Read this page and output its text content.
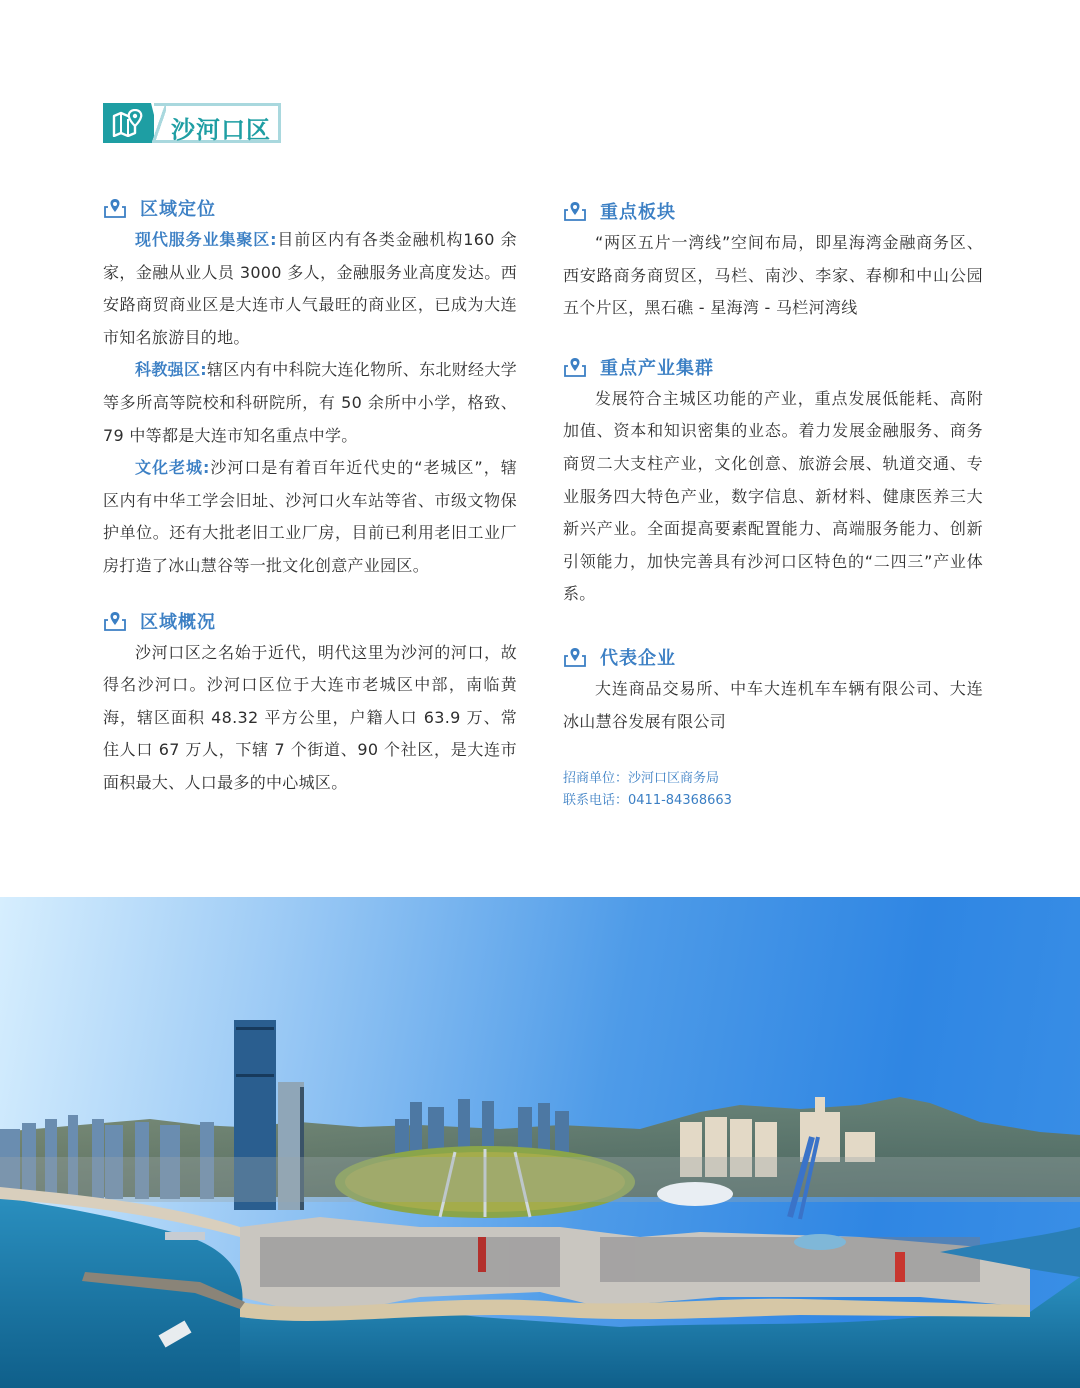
沙河口区
区域定位

现代服务业集聚区:目前区内有各类金融机构160 余家，金融从业人员 3000 多人，金融服务业高度发达。西安路商贸商业区是大连市人气最旺的商业区，已成为大连市知名旅游目的地。

科教强区:辖区内有中科院大连化物所、东北财经大学等多所高等院校和科研院所，有 50 余所中小学，格致、79 中等都是大连市知名重点中学。

文化老城:沙河口是有着百年近代史的“老城区”，辖区内有中华工学会旧址、沙河口火车站等省、市级文物保护单位。还有大批老旧工业厂房，目前已利用老旧工业厂房打造了冰山慧谷等一批文化创意产业园区。

区域概况

沙河口区之名始于近代，明代这里为沙河的河口，故得名沙河口。沙河口区位于大连市老城区中部，南临黄海，辖区面积 48.32 平方公里，户籍人口 63.9 万、常住人口 67 万人，下辖 7 个街道、90 个社区，是大连市面积最大、人口最多的中心城区。

重点板块

“两区五片一湾线”空间布局，即星海湾金融商务区、西安路商务商贸区，马栏、南沙、李家、春柳和中山公园五个片区，黑石礁 - 星海湾 - 马栏河湾线

重点产业集群

发展符合主城区功能的产业，重点发展低能耗、高附加值、资本和知识密集的业态。着力发展金融服务、商务商贸二大支柱产业，文化创意、旅游会展、轨道交通、专业服务四大特色产业，数字信息、新材料、健康医养三大新兴产业。全面提高要素配置能力、高端服务能力、创新引领能力，加快完善具有沙河口区特色的“二四三”产业体系。

代表企业

大连商品交易所、中车大连机车车辆有限公司、大连冰山慧谷发展有限公司

招商单位：沙河口区商务局
联系电话：0411-84368663
